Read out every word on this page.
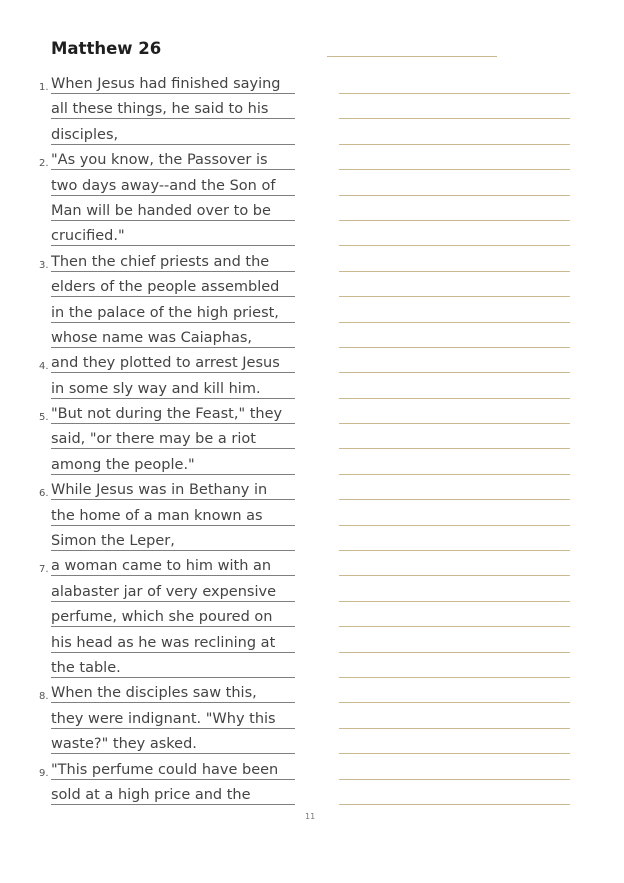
Matthew 26
1. When Jesus had finished saying
all these things, he said to his
disciples,
2. "As you know, the Passover is
two days away--and the Son of
Man will be handed over to be
crucified."
3. Then the chief priests and the
elders of the people assembled
in the palace of the high priest,
whose name was Caiaphas,
4. and they plotted to arrest Jesus
in some sly way and kill him.
5. "But not during the Feast," they
said, "or there may be a riot
among the people."
6. While Jesus was in Bethany in
the home of a man known as
Simon the Leper,
7. a woman came to him with an
alabaster jar of very expensive
perfume, which she poured on
his head as he was reclining at
the table.
8. When the disciples saw this,
they were indignant. "Why this
waste?" they asked.
9. "This perfume could have been
sold at a high price and the
11
